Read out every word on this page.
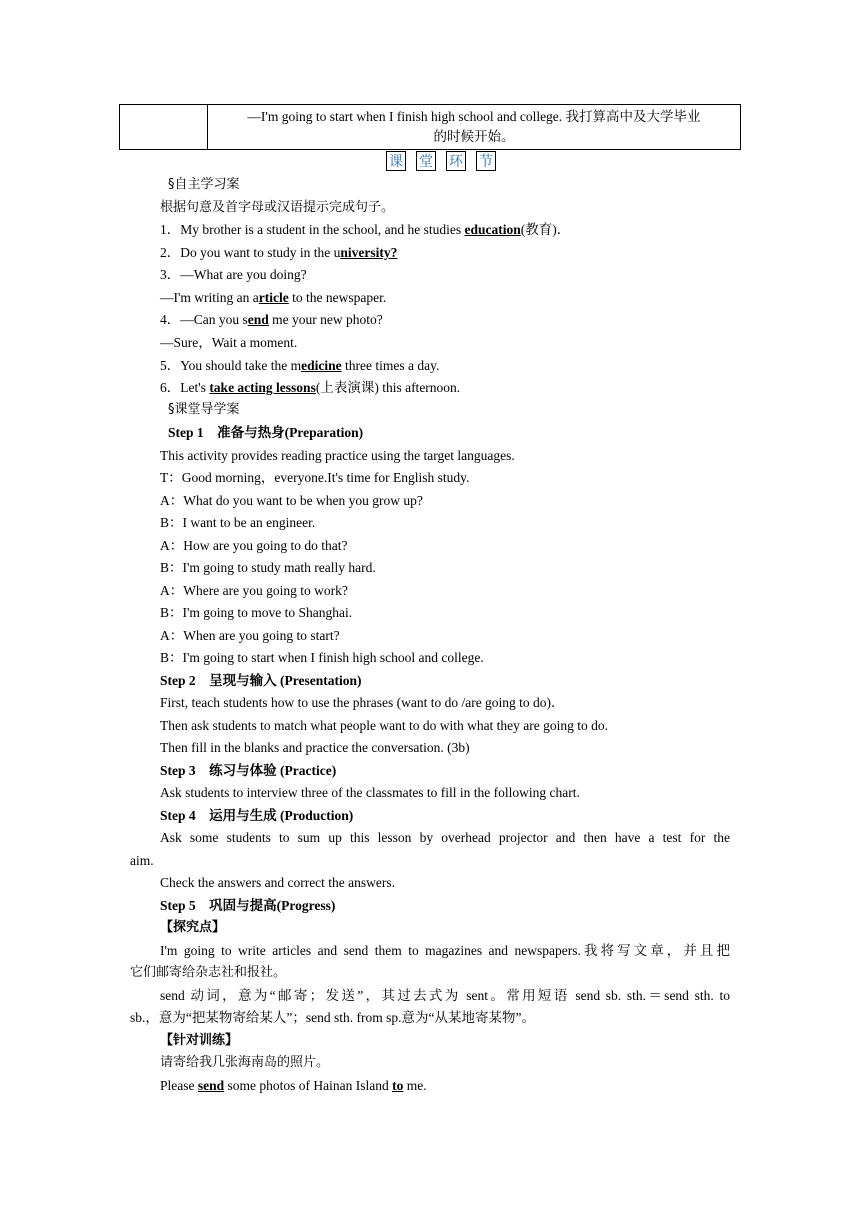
—I'm going to start when I finish high school and college. 我打算高中及大学毕业
的时候开始。
课 堂 环 节
§自主学习案
根据句意及首字母或汉语提示完成句子。
1．My brother is a student in the school, and he studies education(教育)．
2．Do you want to study in the university?
3．—What are you doing?
—I'm writing an article to the newspaper.
4．—Can you send me your new photo?
—Sure，Wait a moment.
5．You should take the medicine three times a day.
6．Let's take acting lessons(上表演课) this afternoon.
§课堂导学案
Step 1　准备与热身(Preparation)
This activity provides reading practice using the target languages.
T：Good morning，everyone.It's time for English study.
A：What do you want to be when you grow up?
B：I want to be an engineer.
A：How are you going to do that?
B：I'm going to study math really hard.
A：Where are you going to work?
B：I'm going to move to Shanghai.
A：When are you going to start?
B：I'm going to start when I finish high school and college.
Step 2　呈现与输入 (Presentation)
First, teach students how to use the phrases (want to do /are going to do)．
Then ask students to match what people want to do with what they are going to do.
Then fill in the blanks and practice the conversation. (3b)
Step 3　练习与体验 (Practice)
Ask students to interview three of the classmates to fill in the following chart.
Step 4　运用与生成 (Production)
Ask some students to sum up this lesson by overhead projector and then have a test for the
aim.
Check the answers and correct the answers.
Step 5　巩固与提高(Progress)
【探究点】
I'm going to write articles and send them to magazines and newspapers.我将写文章，并且把
它们邮寄给杂志社和报社。
send 动词，意为“邮寄；发送”，其过去式为 sent。常用短语 send sb. sth.＝send sth. to
sb.，意为“把某物寄给某人”；send sth. from sp.意为“从某地寄某物”。
【针对训练】
请寄给我几张海南岛的照片。
Please send some photos of Hainan Island to me.
